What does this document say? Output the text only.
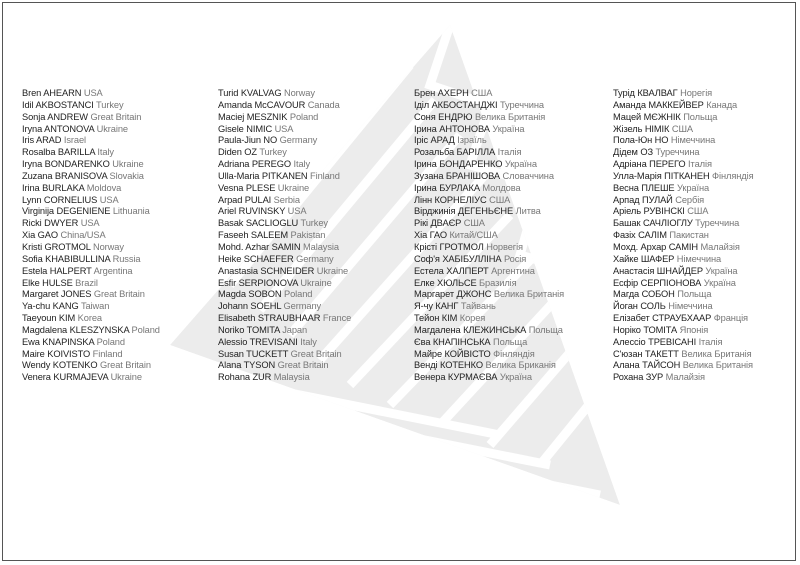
Bren AHEARN USA
Idil AKBOSTANCI Turkey
Sonja ANDREW Great Britain
Iryna ANTONOVA Ukraine
Iris ARAD Israel
Rosalba BARILLA Italy
Iryna BONDARENKO Ukraine
Zuzana BRANISOVA Slovakia
Irina BURLAKA Moldova
Lynn CORNELIUS USA
Virginija DEGENIENE Lithuania
Ricki DWYER USA
Xia GAO China/USA
Kristi GROTMOL Norway
Sofia KHABIBULLINA Russia
Estela HALPERT Argentina
Elke HULSE Brazil
Margaret JONES Great Britain
Ya-chu KANG Taiwan
Taeyoun KIM Korea
Magdalena KLESZYNSKA Poland
Ewa KNAPINSKA Poland
Maire KOIVISTO Finland
Wendy KOTENKO Great Britain
Venera KURMAJEVA Ukraine
Turid KVALVAG Norway
Amanda McCAVOUR Canada
Maciej MESZNIK Poland
Gisele NIMIC USA
Paula-Jiun NO Germany
Diden OZ Turkey
Adriana PEREGO Italy
Ulla-Maria PITKANEN Finland
Vesna PLESE Ukraine
Arpad PULAI Serbia
Ariel RUVINSKY USA
Basak SACLIOGLU Turkey
Faseeh SALEEM Pakistan
Mohd. Azhar SAMIN Malaysia
Heike SCHAEFER Germany
Anastasia SCHNEIDER Ukraine
Esfir SERPIONOVA Ukraine
Magda SOBON Poland
Johann SOEHL Germany
Elisabeth STRAUBHAAR France
Noriko TOMITA Japan
Alessio TREVISANI Italy
Susan TUCKETT Great Britain
Alana TYSON Great Britain
Rohana ZUR Malaysia
Брен АХЕРН США
Іділ АКБОСТАНДЖІ Туреччина
Соня ЕНДРЮ Велика Британія
Ірина АНТОНОВА Україна
Іріс АРАД Ізраїль
Розальба БАРІЛЛА Італія
Ірина БОНДАРЕНКО Україна
Зузана БРАНІШОВА Словаччина
Ірина БУРЛАКА Молдова
Лінн КОРНЕЛІУС США
Вірджинія ДЕГЕНЬЄНЕ Литва
Рікі ДВАЄР США
Хіа ГАО Китай/США
Крісті ГРОТМОЛ Норвегія
Соф'я ХАБІБУЛЛІНА Росія
Естела ХАЛПЕРТ Аргентина
Елке ХЮЛЬСЕ Бразилія
Маргарет ДЖОНС Велика Британія
Я-чу КАНГ Тайвань
Тейон КІМ Корея
Магдалена КЛЕЖИНСЬКА Польща
Єва КНАПІНСЬКА Польща
Майре КОЙВІСТО Фінляндія
Венді КОТЕНКО Велика Бриканія
Венера КУРМАЄВА Україна
Турід КВАЛВАГ Норегія
Аманда МАККЕЙВЕР Канада
Мацей МЄЖНІК Польща
Жізель НІМІК США
Пола-Юн НО Німеччина
Дідем ОЗ Туреччина
Адріана ПЕРЕГО Італія
Улла-Марія ПІТКАНЕН Фінляндія
Весна ПЛЕШЕ Україна
Арпад ПУЛАЙ Сербія
Аріель РУВІНСКІ США
Башак САЧЛІОГЛУ Туреччина
Фазіх САЛІМ Пакистан
Мохд. Архар САМІН Малайзія
Хайке ШАФЕР Німеччина
Анастасія ШНАЙДЕР Україна
Есфір СЕРПІОНОВА Україна
Магда СОБОН Польща
Йоган СОЛЬ Німеччина
Елізабет СТРАУБХААР Франція
Норіко ТОМІТА Японія
Алессіо ТРЕВІСАНІ Італія
С'юзан ТАКЕТТ Велика Британія
Алана ТАЙСОН Велика Британія
Рохана ЗУР Малайзія
